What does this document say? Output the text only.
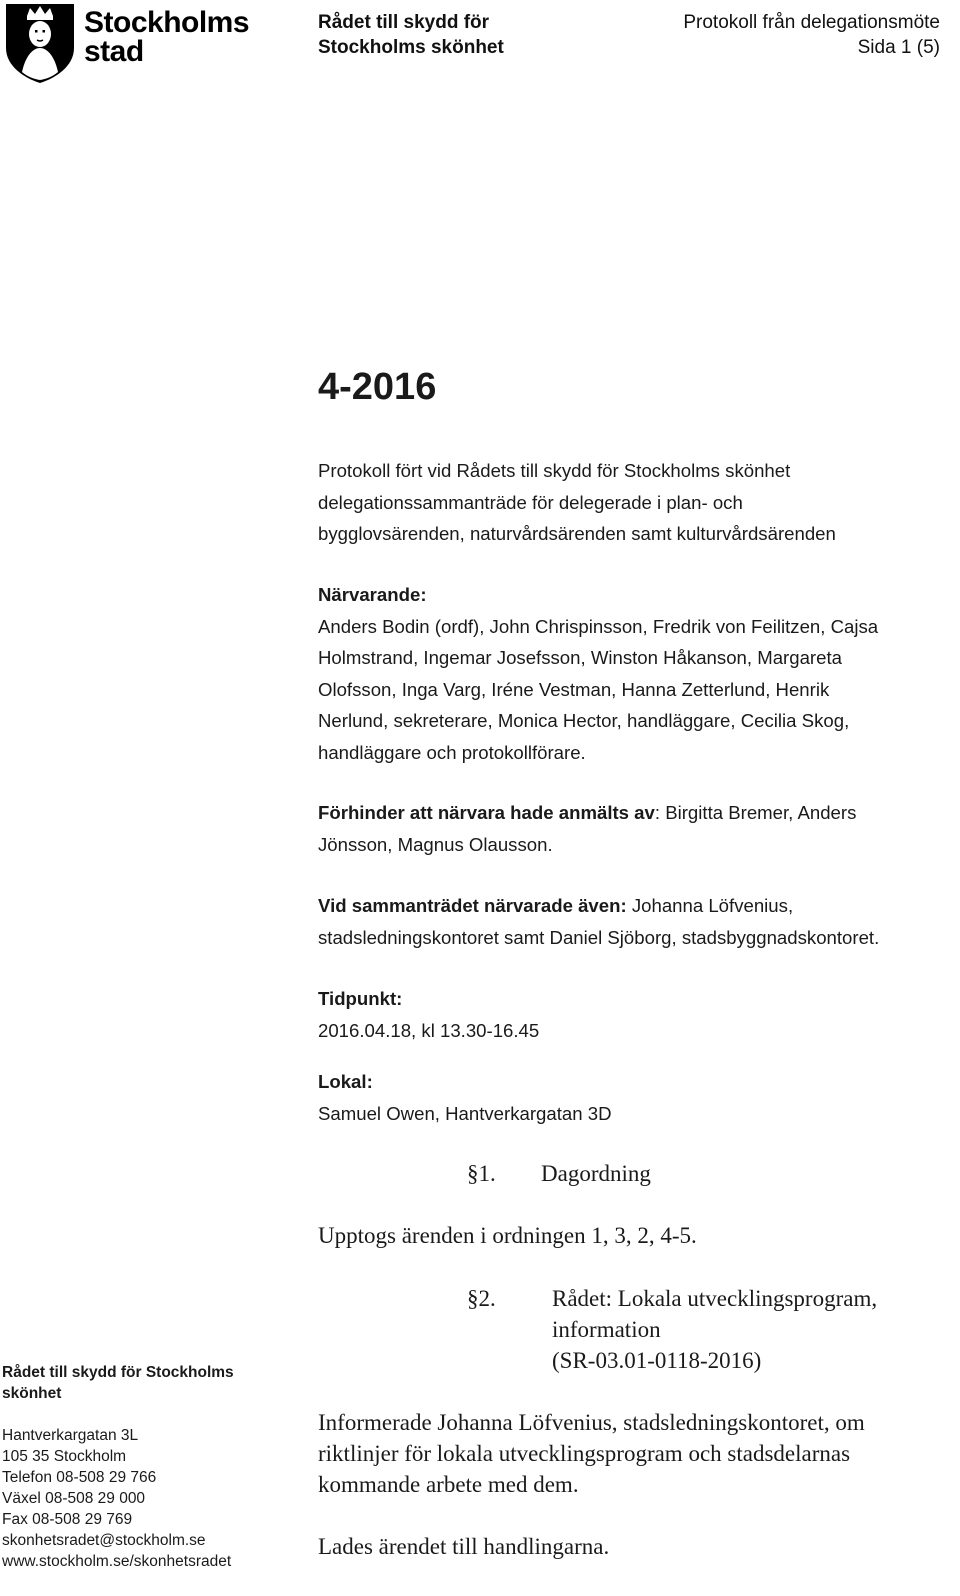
Stockholms
stad
Rådet till skydd för
Stockholms skönhet
Protokoll från delegationsmöte
Sida 1 (5)
4-2016
Protokoll fört vid Rådets till skydd för Stockholms skönhet
delegationssammanträde för delegerade i plan- och
bygglovsärenden, naturvårdsärenden samt kulturvårdsärenden
Närvarande:
Anders Bodin (ordf), John Chrispinsson, Fredrik von Feilitzen, Cajsa
Holmstrand, Ingemar Josefsson, Winston Håkanson, Margareta
Olofsson, Inga Varg, Iréne Vestman, Hanna Zetterlund, Henrik
Nerlund, sekreterare, Monica Hector, handläggare, Cecilia Skog,
handläggare och protokollförare.
Förhinder att närvara hade anmälts av: Birgitta Bremer, Anders
Jönsson, Magnus Olausson.
Vid sammanträdet närvarade även: Johanna Löfvenius,
stadsledningskontoret samt Daniel Sjöborg, stadsbyggnadskontoret.
Tidpunkt:
2016.04.18, kl 13.30-16.45
Lokal:
Samuel Owen, Hantverkargatan 3D
§1. Dagordning
Upptogs ärenden i ordningen 1, 3, 2, 4-5.
§2. Rådet: Lokala utvecklingsprogram,
information
(SR-03.01-0118-2016)
Informerade Johanna Löfvenius, stadsledningskontoret, om
riktlinjer för lokala utvecklingsprogram och stadsdelarnas
kommande arbete med dem.
Lades ärendet till handlingarna.
Rådet till skydd för Stockholms
skönhet
Hantverkargatan 3L
105 35 Stockholm
Telefon 08-508 29 766
Växel 08-508 29 000
Fax 08-508 29 769
skonhetsradet@stockholm.se
www.stockholm.se/skonhetsradet
